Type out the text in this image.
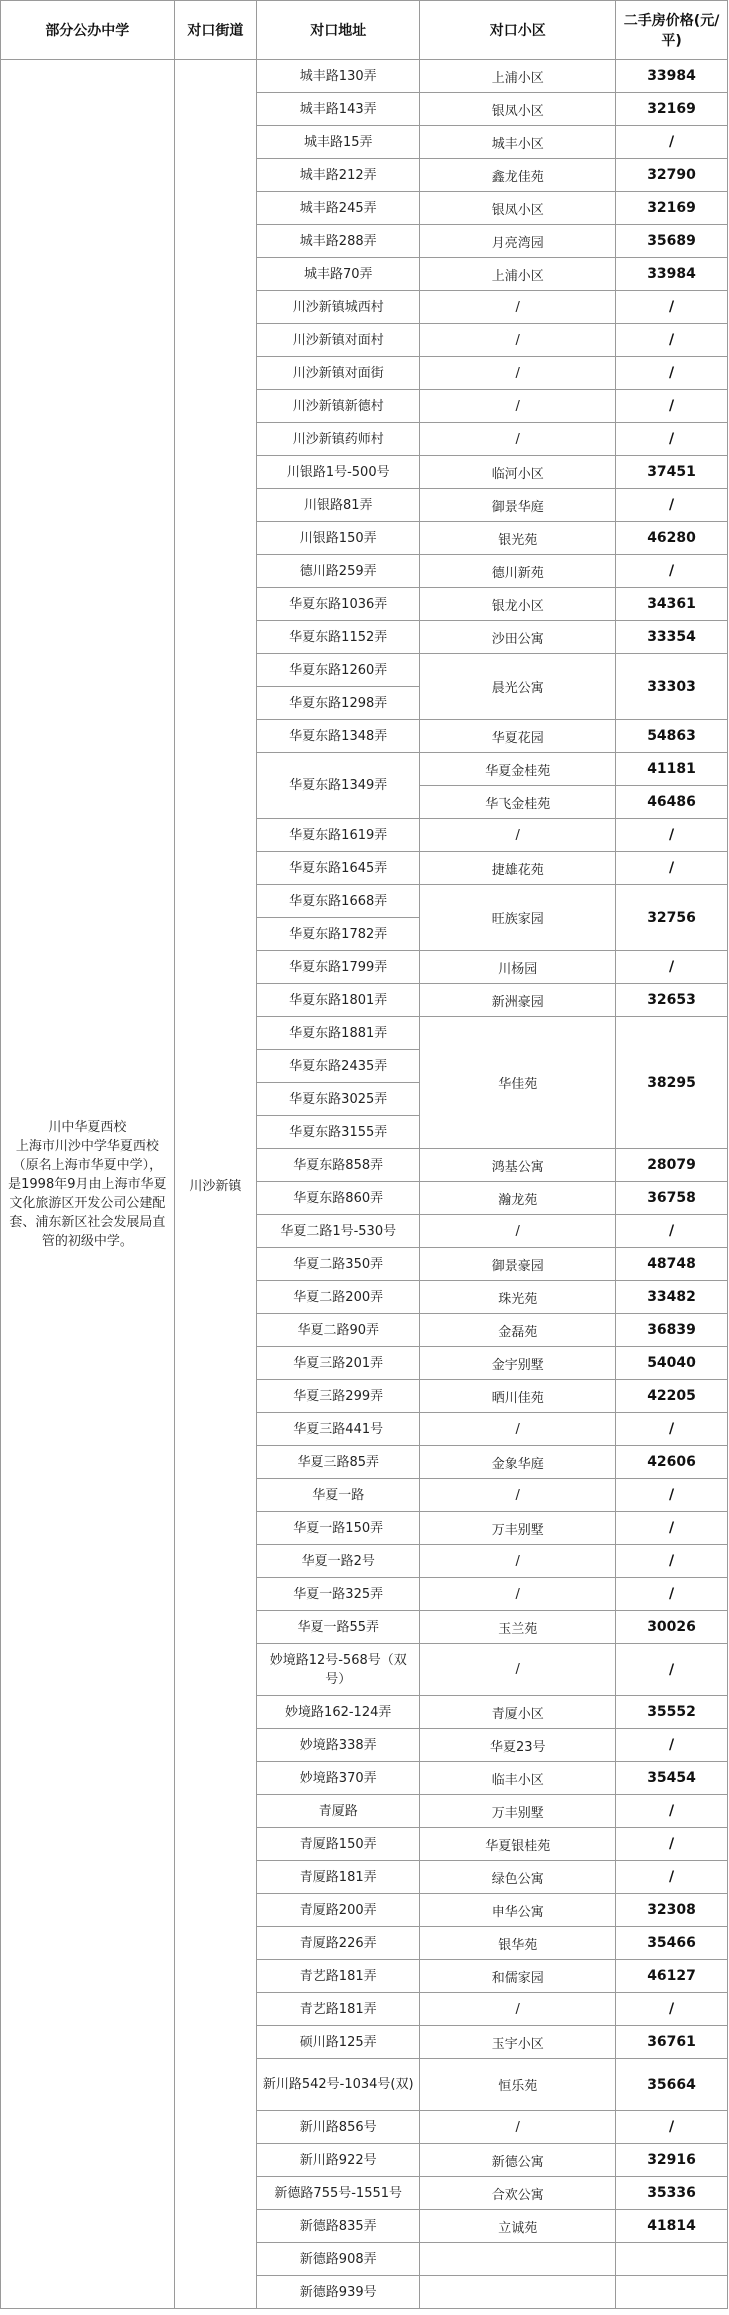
部分公办中学	对口街道	对口地址	对口小区	二手房价格(元/平)

川中华夏西校
上海市川沙中学华夏西校（原名上海市华夏中学），是1998年9月由上海市华夏文化旅游区开发公司公建配套、浦东新区社会发展局直管的初级中学。	川沙新镇	城丰路130弄	上浦小区	33984
		城丰路143弄	银凤小区	32169
		城丰路15弄	城丰小区	/
		城丰路212弄	鑫龙佳苑	32790
		城丰路245弄	银凤小区	32169
		城丰路288弄	月亮湾园	35689
		城丰路70弄	上浦小区	33984
		川沙新镇城西村	/	/
		川沙新镇对面村	/	/
		川沙新镇对面街	/	/
		川沙新镇新德村	/	/
		川沙新镇药师村	/	/
		川银路1号-500号	临河小区	37451
		川银路81弄	御景华庭	/
		川银路150弄	银光苑	46280
		德川路259弄	德川新苑	/
		华夏东路1036弄	银龙小区	34361
		华夏东路1152弄	沙田公寓	33354
		华夏东路1260弄	晨光公寓	33303
		华夏东路1298弄		
		华夏东路1348弄	华夏花园	54863
		华夏东路1349弄	华夏金桂苑	41181
			华飞金桂苑	46486
		华夏东路1619弄	/	/
		华夏东路1645弄	捷雄花苑	/
		华夏东路1668弄	旺族家园	32756
		华夏东路1782弄		
		华夏东路1799弄	川杨园	/
		华夏东路1801弄	新洲豪园	32653
		华夏东路1881弄	华佳苑	38295
		华夏东路2435弄		
		华夏东路3025弄		
		华夏东路3155弄		
		华夏东路858弄	鸿基公寓	28079
		华夏东路860弄	瀚龙苑	36758
		华夏二路1号-530号	/	/
		华夏二路350弄	御景豪园	48748
		华夏二路200弄	珠光苑	33482
		华夏二路90弄	金磊苑	36839
		华夏三路201弄	金宇别墅	54040
		华夏三路299弄	晒川佳苑	42205
		华夏三路441号	/	/
		华夏三路85弄	金象华庭	42606
		华夏一路	/	/
		华夏一路150弄	万丰别墅	/
		华夏一路2号	/	/
		华夏一路325弄	/	/
		华夏一路55弄	玉兰苑	30026
		妙境路12号-568号（双号）	/	/
		妙境路162-124弄	青厦小区	35552
		妙境路338弄	华夏23号	/
		妙境路370弄	临丰小区	35454
		青厦路	万丰别墅	/
		青厦路150弄	华夏银桂苑	/
		青厦路181弄	绿色公寓	/
		青厦路200弄	申华公寓	32308
		青厦路226弄	银华苑	35466
		青艺路181弄	和儒家园	46127
		青艺路181弄	/	/
		硕川路125弄	玉宇小区	36761
		新川路542号-1034号(双)	恒乐苑	35664
		新川路856号	/	/
		新川路922号	新德公寓	32916
		新德路755号-1551号	合欢公寓	35336
		新德路835弄	立诚苑	41814
		新德路908弄		
		新德路939号		
